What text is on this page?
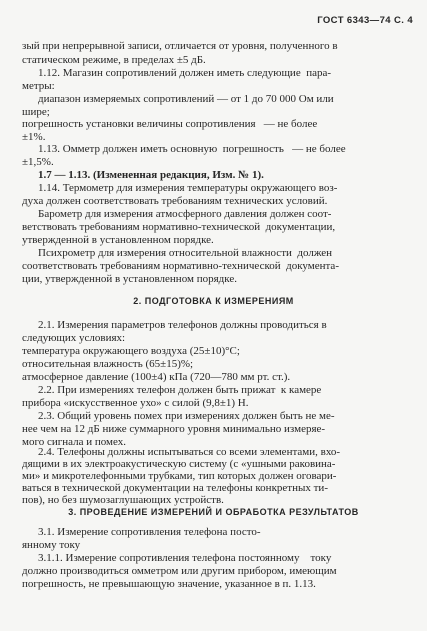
ГОСТ 6343—74 С. 4
зый при непрерывной записи, отличается от уровня, полученного в
статическом режиме, в пределах ±5 дБ.
1.12. Магазин сопротивлений должен иметь следующие  пара-
метры:
диапазон измеряемых сопротивлений — от 1 до 70 000 Ом или
шире;
погрешность установки величины сопротивления   — не более
±1%.
1.13. Омметр должен иметь основную  погрешность   — не более
±1,5%.
1.7 — 1.13. (Измененная редакция, Изм. № 1).
1.14. Термометр для измерения температуры окружающего воз-
духа должен соответствовать требованиям технических условий.
Барометр для измерения атмосферного давления должен соот-
ветствовать требованиям нормативно-технической  документации,
утвержденной в установленном порядке.
Психрометр для измерения относительной влажности  должен
соответствовать требованиям нормативно-технической  документа-
ции, утвержденной в установленном порядке.
2. ПОДГОТОВКА К ИЗМЕРЕНИЯМ
2.1. Измерения параметров телефонов должны проводиться в
следующих условиях:
температура окружающего воздуха (25±10)°С;
относительная влажность (65±15)%;
атмосферное давление (100±4) кПа (720—780 мм рт. ст.).
2.2. При измерениях телефон должен быть прижат  к камере
прибора «искусственное ухо» с силой (9,8±1) Н.
2.3. Общий уровень помех при измерениях должен быть не ме-
нее чем на 12 дБ ниже суммарного уровня минимально измеряе-
мого сигнала и помех.
2.4. Телефоны должны испытываться со всеми элементами, вхо-
дящими в их электроакустическую систему (с «ушными раковина-
ми» и микротелефонными трубками, тип которых должен оговари-
ваться в технической документации на телефоны конкретных ти-
пов), но без шумозаглушающих устройств.
3. ПРОВЕДЕНИЕ ИЗМЕРЕНИЙ И ОБРАБОТКА РЕЗУЛЬТАТОВ
3.1. Измерение сопротивления телефона посто-
янному току
3.1.1. Измерение сопротивления телефона постоянному    току
должно производиться омметром или другим прибором, имеющим
погрешность, не превышающую значение, указанное в п. 1.13.
